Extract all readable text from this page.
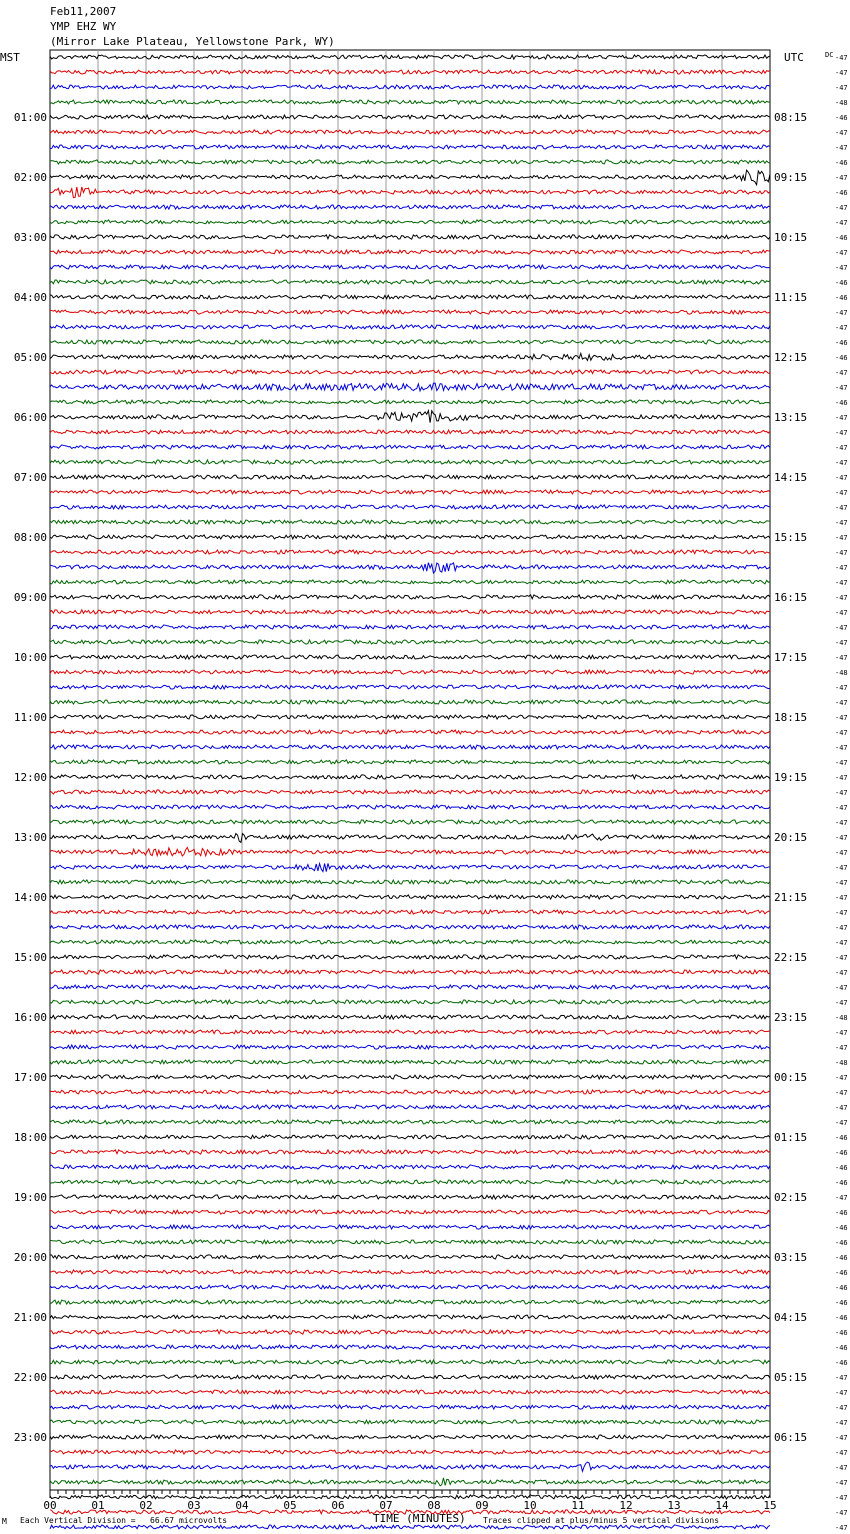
Feb11,2007
YMP EHZ WY
(Mirror Lake Plateau, Yellowstone Park, WY)
00	01	02	03	04	05	06	07	08	09	10	11	12	13	14	15
MST	UTC	DC -47
-47
-47
-48
-46
-47
-47
-46
-47
-46
-47
-47
-46
-47
-47
-46
-46
-47
-47
-46
-46
-47
-47
-46
-47
-47
-47
-47
-47
-47
-47
-47
-47
-47
-47
-47
-47
-47
-47
-47
-47
-48
-47
-47
-47
-47
-47
-47
-47
-47
-47
-47
-47
-47
-47
-47
-47
-47
-47
-47
-47
-47
-47
-47
-48
-47
-47
-48
-47
-47
-47
-47
-46
-46
-46
-46
-47
-46
-46
-46
-46
-46
-46
-46
-46
-46
-46
-46
-47
-47
-47
-47
-47
-47
-47
-47
-47
-47
-47
01:00
02:00
03:00
04:00
05:00
06:00
07:00
08:00
09:00
10:00
11:00
12:00
13:00
14:00
15:00
16:00
17:00
18:00
19:00
20:00
21:00
22:00
23:00
08:15
09:15
10:15
11:15
12:15
13:15
14:15
15:15
16:15
17:15
18:15
19:15
20:15
21:15
22:15
23:15
00:15
01:15
02:15
03:15
04:15
05:15
06:15
M Each Vertical Division =   66.67 microvolts	TIME (MINUTES) Traces clipped at plus/minus 5 vertical divisions
